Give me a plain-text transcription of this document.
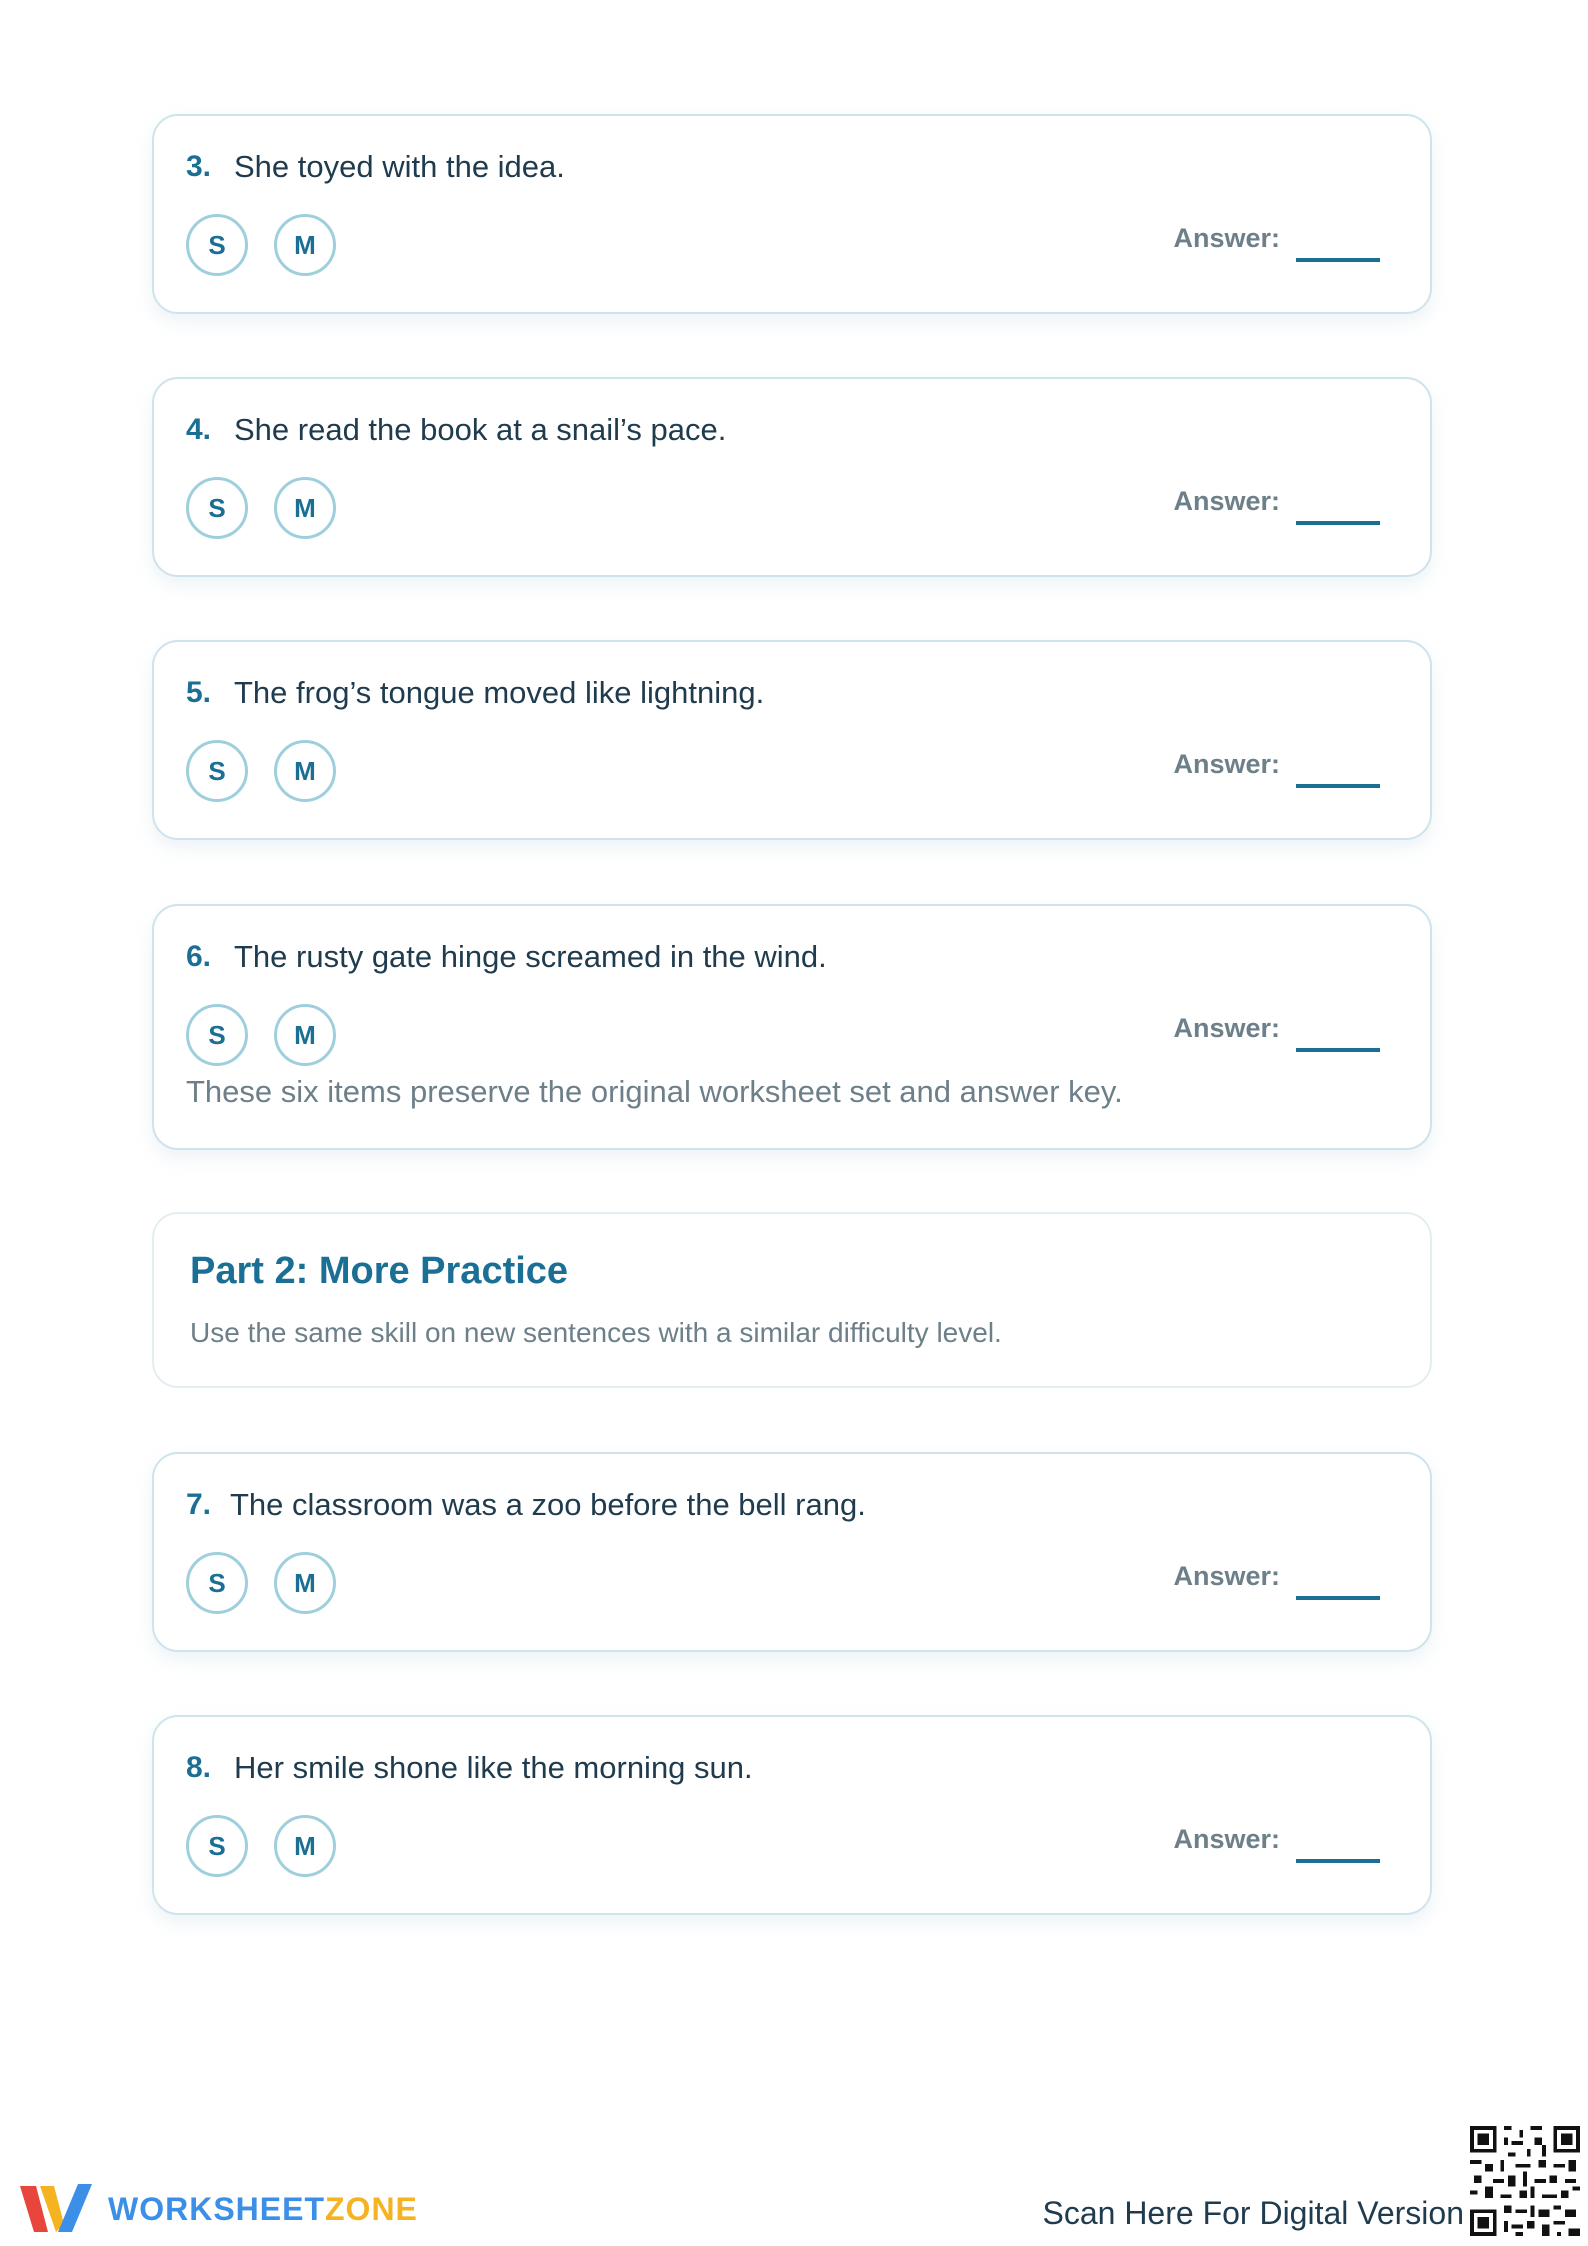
3. She toyed with the idea.
S	M	Answer:
4. She read the book at a snail’s pace.
S	M	Answer:
5. The frog’s tongue moved like lightning.
S	M	Answer:
6. The rusty gate hinge screamed in the wind.
S	M	Answer:
These six items preserve the original worksheet set and answer key.
Part 2: More Practice
Use the same skill on new sentences with a similar difficulty level.
7. The classroom was a zoo before the bell rang.
S	M	Answer:
8. Her smile shone like the morning sun.
S	M	Answer:
WORKSHEETZONE	Scan Here For Digital Version
